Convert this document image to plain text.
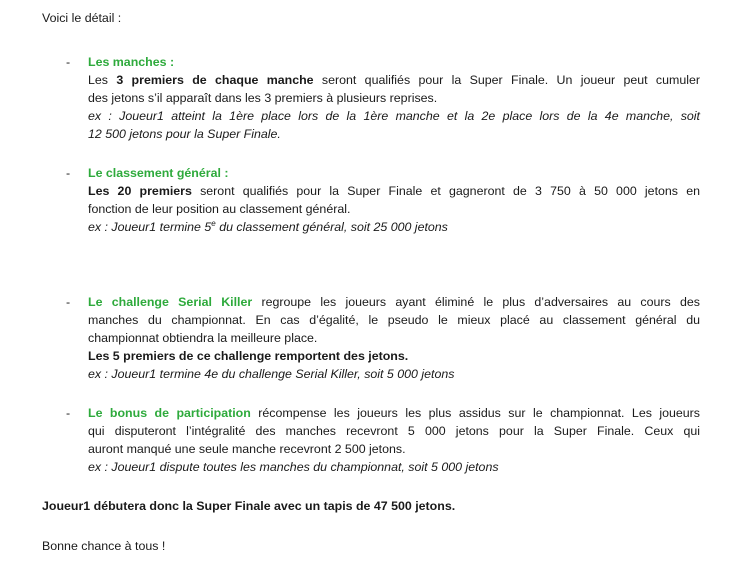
Voici le détail :
- Les manches :
Les 3 premiers de chaque manche seront qualifiés pour la Super Finale. Un joueur peut cumuler
des jetons s’il apparaît dans les 3 premiers à plusieurs reprises.
ex : Joueur1 atteint la 1ère place lors de la 1ère manche et la 2e place lors de la 4e manche, soit
12 500 jetons pour la Super Finale.
- Le classement général :
Les 20 premiers seront qualifiés pour la Super Finale et gagneront de 3 750 à 50 000 jetons en
fonction de leur position au classement général.
ex : Joueur1 termine 5e du classement général, soit 25 000 jetons
- Le challenge Serial Killer regroupe les joueurs ayant éliminé le plus d’adversaires au cours des
manches du championnat. En cas d’égalité, le pseudo le mieux placé au classement général du
championnat obtiendra la meilleure place.
Les 5 premiers de ce challenge remportent des jetons.
ex : Joueur1 termine 4e du challenge Serial Killer, soit 5 000 jetons
- Le bonus de participation récompense les joueurs les plus assidus sur le championnat. Les joueurs
qui disputeront l’intégralité des manches recevront 5 000 jetons pour la Super Finale. Ceux qui
auront manqué une seule manche recevront 2 500 jetons.
ex : Joueur1 dispute toutes les manches du championnat, soit 5 000 jetons
Joueur1 débutera donc la Super Finale avec un tapis de 47 500 jetons.
Bonne chance à tous !
